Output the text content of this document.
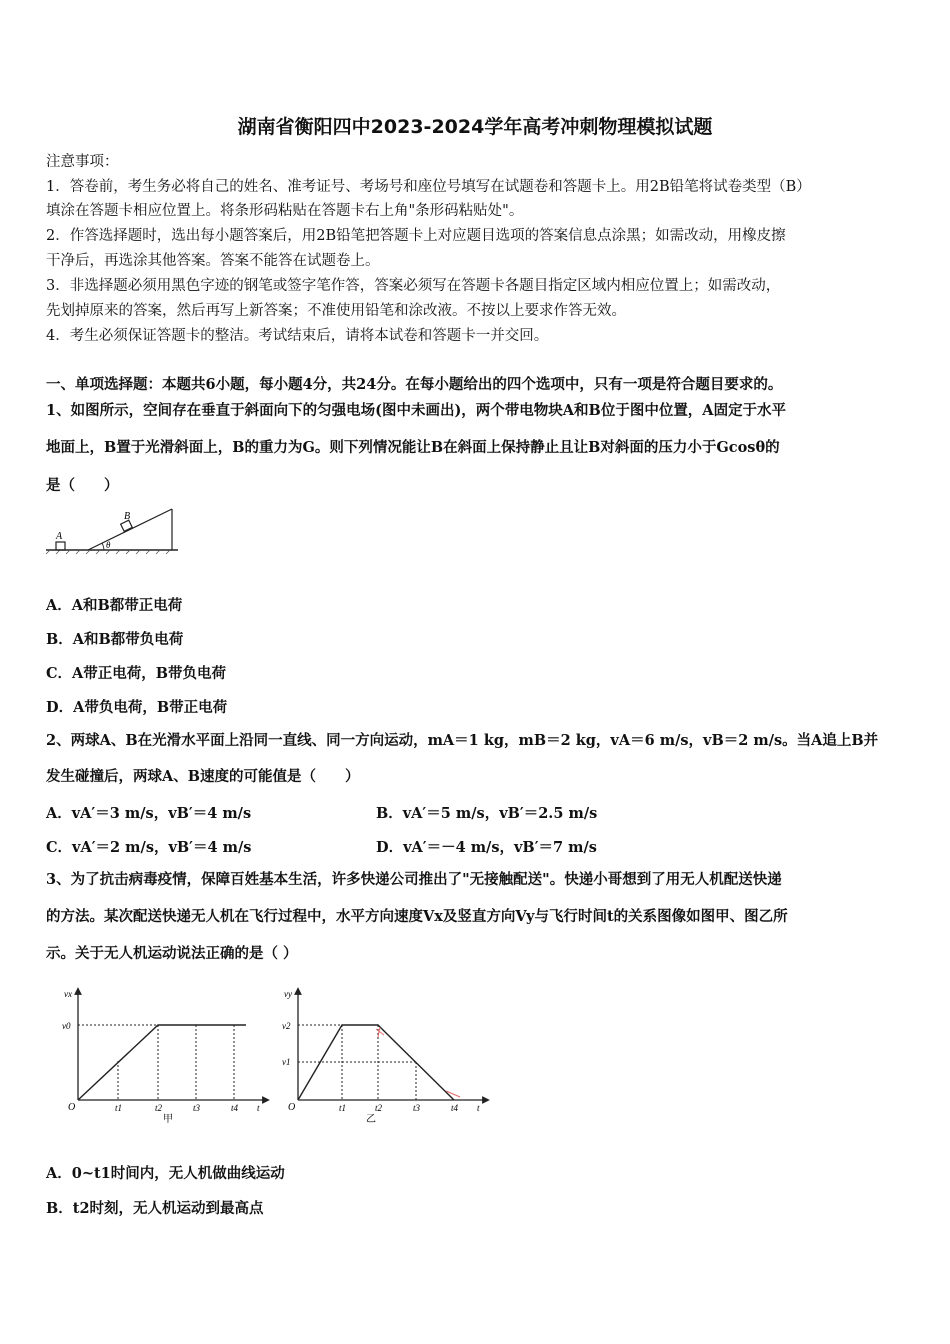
湖南省衡阳四中2023-2024学年高考冲刺物理模拟试题
注意事项：
1．答卷前，考生务必将自己的姓名、准考证号、考场号和座位号填写在试题卷和答题卡上。用2B铅笔将试卷类型（B）
填涂在答题卡相应位置上。将条形码粘贴在答题卡右上角"条形码粘贴处"。
2．作答选择题时，选出每小题答案后，用2B铅笔把答题卡上对应题目选项的答案信息点涂黑；如需改动，用橡皮擦
干净后，再选涂其他答案。答案不能答在试题卷上。
3．非选择题必须用黑色字迹的钢笔或签字笔作答，答案必须写在答题卡各题目指定区域内相应位置上；如需改动，
先划掉原来的答案，然后再写上新答案；不准使用铅笔和涂改液。不按以上要求作答无效。
4．考生必须保证答题卡的整洁。考试结束后，请将本试卷和答题卡一并交回。
一、单项选择题：本题共6小题，每小题4分，共24分。在每小题给出的四个选项中，只有一项是符合题目要求的。
1、如图所示，空间存在垂直于斜面向下的匀强电场(图中未画出)，两个带电物块A和B位于图中位置，A固定于水平
地面上，B置于光滑斜面上，B的重力为G。则下列情况能让B在斜面上保持静止且让B对斜面的压力小于Gcosθ的
是（　　）
A
B
θ
A．A和B都带正电荷
B．A和B都带负电荷
C．A带正电荷，B带负电荷
D．A带负电荷，B带正电荷
2、两球A、B在光滑水平面上沿同一直线、同一方向运动，mA＝1 kg，mB＝2 kg，vA＝6 m/s，vB＝2 m/s。当A追上B并
发生碰撞后，两球A、B速度的可能值是（　　）
A．vA′＝3 m/s，vB′＝4 m/s	B．vA′＝5 m/s，vB′＝2.5 m/s
C．vA′＝2 m/s，vB′＝4 m/s	D．vA′＝－4 m/s，vB′＝7 m/s
3、为了抗击病毒疫情，保障百姓基本生活，许多快递公司推出了"无接触配送"。快递小哥想到了用无人机配送快递
的方法。某次配送快递无人机在飞行过程中，水平方向速度Vx及竖直方向Vy与飞行时间t的关系图像如图甲、图乙所
示。关于无人机运动说法正确的是（ ）
vx
v0
O	t1	t2	t3	t4 t
甲
vy
v2
v1
O	t1	t2	t3	t4 t
乙
A．0~t1时间内，无人机做曲线运动
B．t2时刻，无人机运动到最高点
